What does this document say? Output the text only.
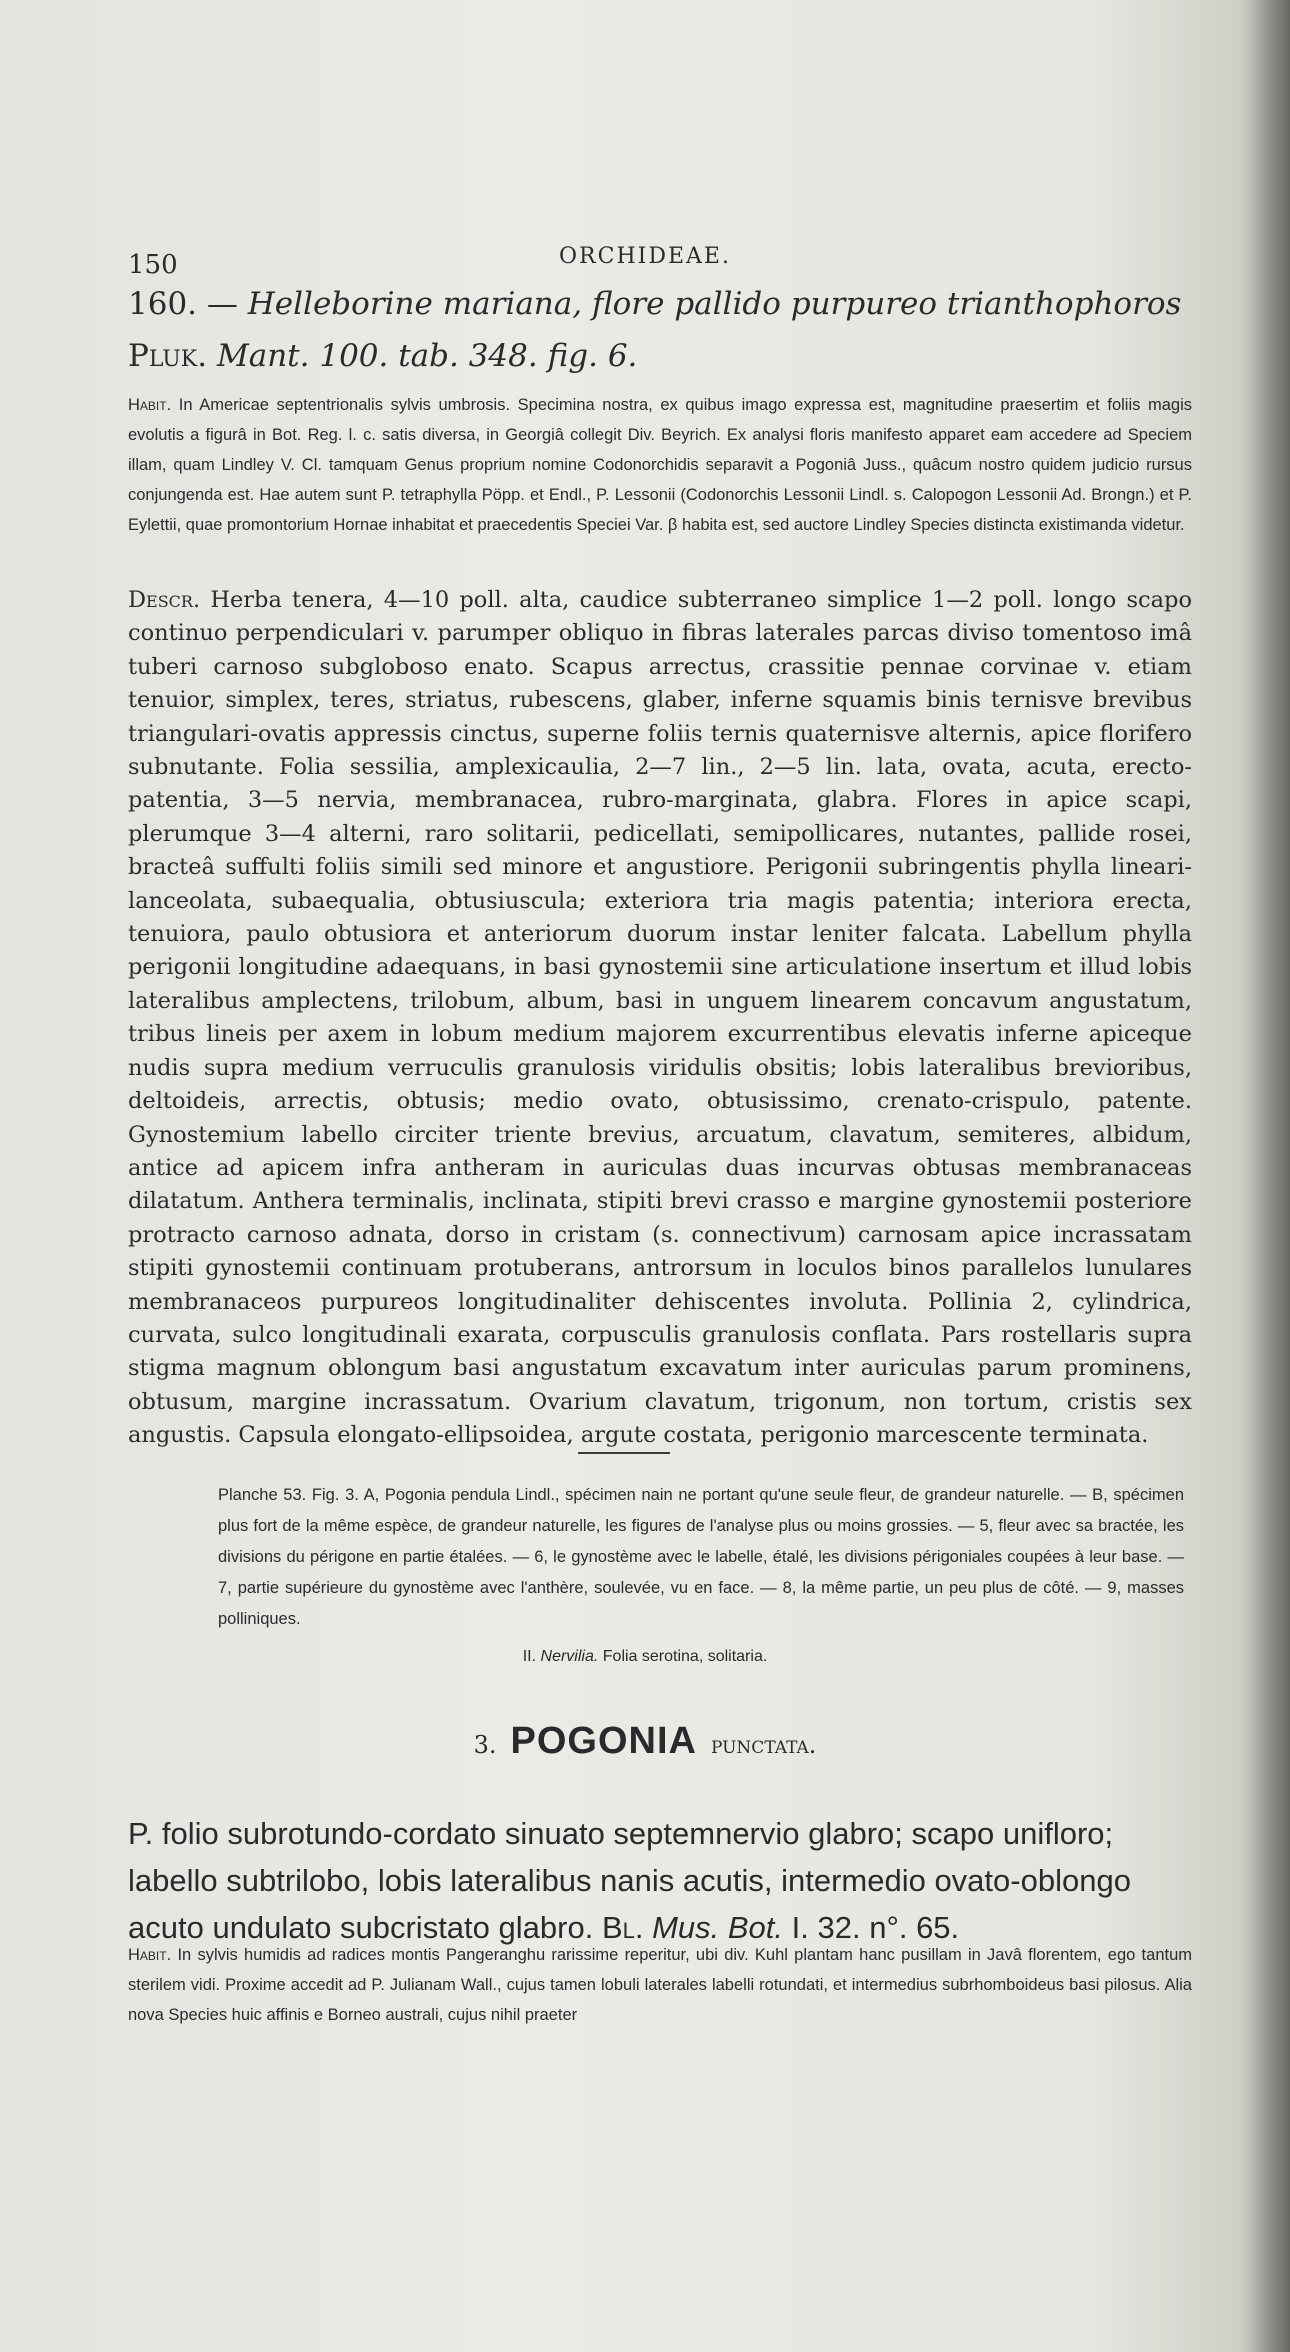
150	ORCHIDEAE.
160. — Helleborine mariana, flore pallido purpureo trianthophoros Pluk. Mant. 100. tab. 348. fig. 6.
Habit. In Americae septentrionalis sylvis umbrosis. Specimina nostra, ex quibus imago expressa est, magnitudine praesertim et foliis magis evolutis a figurâ in Bot. Reg. l. c. satis diversa, in Georgiâ collegit Div. Beyrich. Ex analysi floris manifesto apparet eam accedere ad Speciem illam, quam Lindley V. Cl. tamquam Genus proprium nomine Codonorchidis separavit a Pogoniâ Juss., quâcum nostro quidem judicio rursus conjungenda est. Hae autem sunt P. tetraphylla Pöpp. et Endl., P. Lessonii (Codonorchis Lessonii Lindl. s. Calopogon Lessonii Ad. Brongn.) et P. Eylettii, quae promontorium Hornae inhabitat et praecedentis Speciei Var. β habita est, sed auctore Lindley Species distincta existimanda videtur.
Descr. Herba tenera, 4—10 poll. alta, caudice subterraneo simplice 1—2 poll. longo scapo continuo perpendiculari v. parumper obliquo in fibras laterales parcas diviso tomentoso imâ tuberi carnoso subgloboso enato. Scapus arrectus, crassitie pennae corvinae v. etiam tenuior, simplex, teres, striatus, rubescens, glaber, inferne squamis binis ternisve brevibus triangulari-ovatis appressis cinctus, superne foliis ternis quaternisve alternis, apice florifero subnutante. Folia sessilia, amplexicaulia, 2—7 lin., 2—5 lin. lata, ovata, acuta, erecto-patentia, 3—5 nervia, membranacea, rubro-marginata, glabra. Flores in apice scapi, plerumque 3—4 alterni, raro solitarii, pedicellati, semipollicares, nutantes, pallide rosei, bracteâ suffulti foliis simili sed minore et angustiore. Perigonii subringentis phylla lineari-lanceolata, subaequalia, obtusiuscula; exteriora tria magis patentia; interiora erecta, tenuiora, paulo obtusiora et anteriorum duorum instar leniter falcata. Labellum phylla perigonii longitudine adaequans, in basi gynostemii sine articulatione insertum et illud lobis lateralibus amplectens, trilobum, album, basi in unguem linearem concavum angustatum, tribus lineis per axem in lobum medium majorem excurrentibus elevatis inferne apiceque nudis supra medium verruculis granulosis viridulis obsitis; lobis lateralibus brevioribus, deltoideis, arrectis, obtusis; medio ovato, obtusissimo, crenato-crispulo, patente. Gynostemium labello circiter triente brevius, arcuatum, clavatum, semiteres, albidum, antice ad apicem infra antheram in auriculas duas incurvas obtusas membranaceas dilatatum. Anthera terminalis, inclinata, stipiti brevi crasso e margine gynostemii posteriore protracto carnoso adnata, dorso in cristam (s. connectivum) carnosam apice incrassatam stipiti gynostemii continuam protuberans, antrorsum in loculos binos parallelos lunulares membranaceos purpureos longitudinaliter dehiscentes involuta. Pollinia 2, cylindrica, curvata, sulco longitudinali exarata, corpusculis granulosis conflata. Pars rostellaris supra stigma magnum oblongum basi angustatum excavatum inter auriculas parum prominens, obtusum, margine incrassatum. Ovarium clavatum, trigonum, non tortum, cristis sex angustis. Capsula elongato-ellipsoidea, argute costata, perigonio marcescente terminata.
Planche 53. Fig. 3. A, Pogonia pendula Lindl., spécimen nain ne portant qu'une seule fleur, de grandeur naturelle. — B, spécimen plus fort de la même espèce, de grandeur naturelle, les figures de l'analyse plus ou moins grossies. — 5, fleur avec sa bractée, les divisions du périgone en partie étalées. — 6, le gynostème avec le labelle, étalé, les divisions périgoniales coupées à leur base. — 7, partie supérieure du gynostème avec l'anthère, soulevée, vu en face. — 8, la même partie, un peu plus de côté. — 9, masses polliniques.
II. Nervilia. Folia serotina, solitaria.
3. POGONIA punctata.
P. folio subrotundo-cordato sinuato septemnervio glabro; scapo unifloro; labello subtrilobo, lobis lateralibus nanis acutis, intermedio ovato-oblongo acuto undulato subcristato glabro. Bl. Mus. Bot. I. 32. n°. 65.
Habit. In sylvis humidis ad radices montis Pangeranghu rarissime reperitur, ubi div. Kuhl plantam hanc pusillam in Javâ florentem, ego tantum sterilem vidi. Proxime accedit ad P. Julianam Wall., cujus tamen lobuli laterales labelli rotundati, et intermedius subrhomboideus basi pilosus. Alia nova Species huic affinis e Borneo australi, cujus nihil praeter
